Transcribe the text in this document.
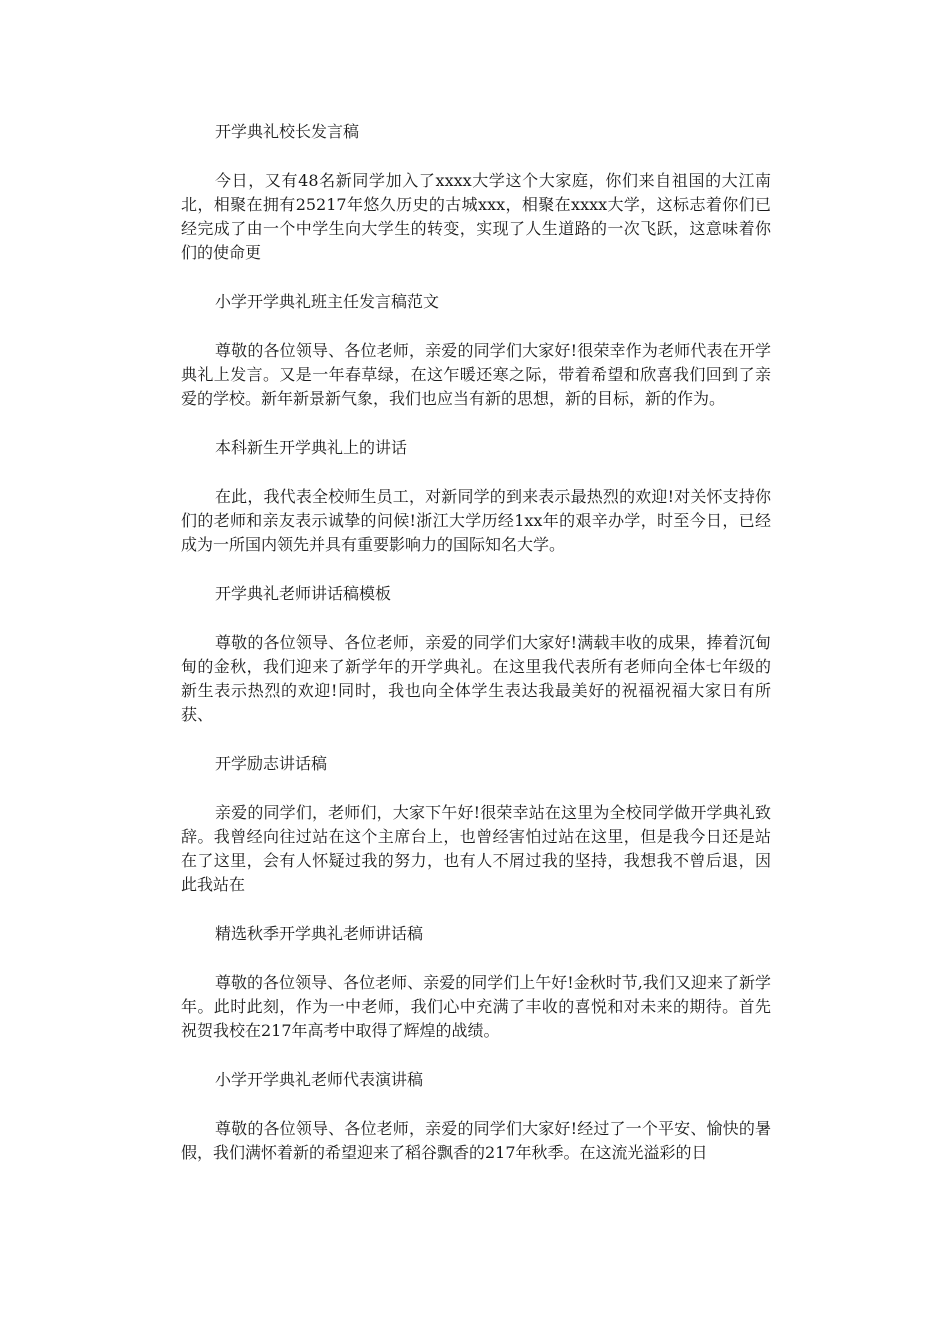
开学典礼校长发言稿
今日，又有48名新同学加入了xxxx大学这个大家庭，你们来自祖国的大江南北，相聚在拥有25217年悠久历史的古城xxx，相聚在xxxx大学，这标志着你们已经完成了由一个中学生向大学生的转变，实现了人生道路的一次飞跃，这意味着你们的使命更
小学开学典礼班主任发言稿范文
尊敬的各位领导、各位老师，亲爱的同学们大家好!很荣幸作为老师代表在开学典礼上发言。又是一年春草绿，在这乍暖还寒之际，带着希望和欣喜我们回到了亲爱的学校。新年新景新气象，我们也应当有新的思想，新的目标，新的作为。
本科新生开学典礼上的讲话
在此，我代表全校师生员工，对新同学的到来表示最热烈的欢迎!对关怀支持你们的老师和亲友表示诚挚的问候!浙江大学历经1xx年的艰辛办学，时至今日，已经成为一所国内领先并具有重要影响力的国际知名大学。
开学典礼老师讲话稿模板
尊敬的各位领导、各位老师，亲爱的同学们大家好!满载丰收的成果，捧着沉甸甸的金秋，我们迎来了新学年的开学典礼。在这里我代表所有老师向全体七年级的新生表示热烈的欢迎!同时，我也向全体学生表达我最美好的祝福祝福大家日有所获、
开学励志讲话稿
亲爱的同学们，老师们，大家下午好!很荣幸站在这里为全校同学做开学典礼致辞。我曾经向往过站在这个主席台上，也曾经害怕过站在这里，但是我今日还是站在了这里，会有人怀疑过我的努力，也有人不屑过我的坚持，我想我不曾后退，因此我站在
精选秋季开学典礼老师讲话稿
尊敬的各位领导、各位老师、亲爱的同学们上午好!金秋时节,我们又迎来了新学年。此时此刻，作为一中老师，我们心中充满了丰收的喜悦和对未来的期待。首先祝贺我校在217年高考中取得了辉煌的战绩。
小学开学典礼老师代表演讲稿
尊敬的各位领导、各位老师，亲爱的同学们大家好!经过了一个平安、愉快的暑假，我们满怀着新的希望迎来了稻谷飘香的217年秋季。在这流光溢彩的日
